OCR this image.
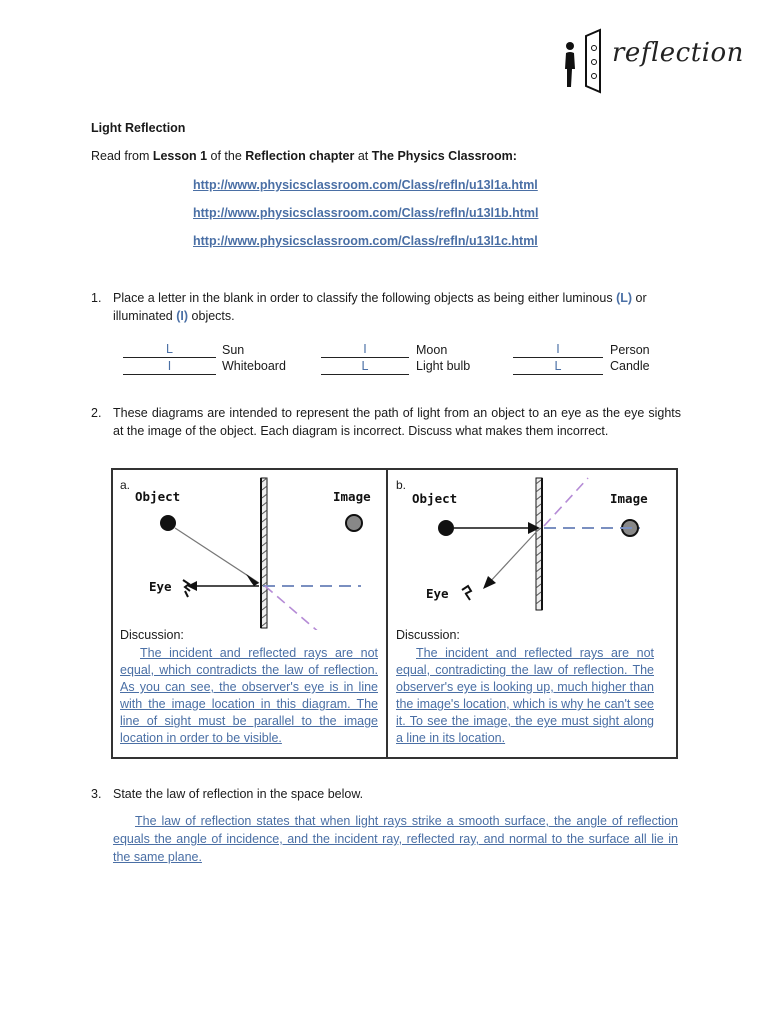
reflection
Light Reflection
Read from Lesson 1 of the Reflection chapter at The Physics Classroom:
http://www.physicsclassroom.com/Class/refln/u13l1a.html
http://www.physicsclassroom.com/Class/refln/u13l1b.html
http://www.physicsclassroom.com/Class/refln/u13l1c.html
1. Place a letter in the blank in order to classify the following objects as being either luminous (L) or illuminated (I) objects.
L	Sun	I	Moon	I	Person
I	Whiteboard	L	Light bulb	L	Candle
2. These diagrams are intended to represent the path of light from an object to an eye as the eye sights at the image of the object. Each diagram is incorrect. Discuss what makes them incorrect.
a.
Object	Image
Eye
Discussion:
The incident and reflected rays are not equal, which contradicts the law of reflection. As you can see, the observer's eye is in line with the image location in this diagram. The line of sight must be parallel to the image location in order to be visible.
b.
Object	Image
Eye
Discussion:
The incident and reflected rays are not equal, contradicting the law of reflection. The observer's eye is looking up, much higher than the image's location, which is why he can't see it. To see the image, the eye must sight along a line in its location.
3. State the law of reflection in the space below.
The law of reflection states that when light rays strike a smooth surface, the angle of reflection equals the angle of incidence, and the incident ray, reflected ray, and normal to the surface all lie in the same plane.
